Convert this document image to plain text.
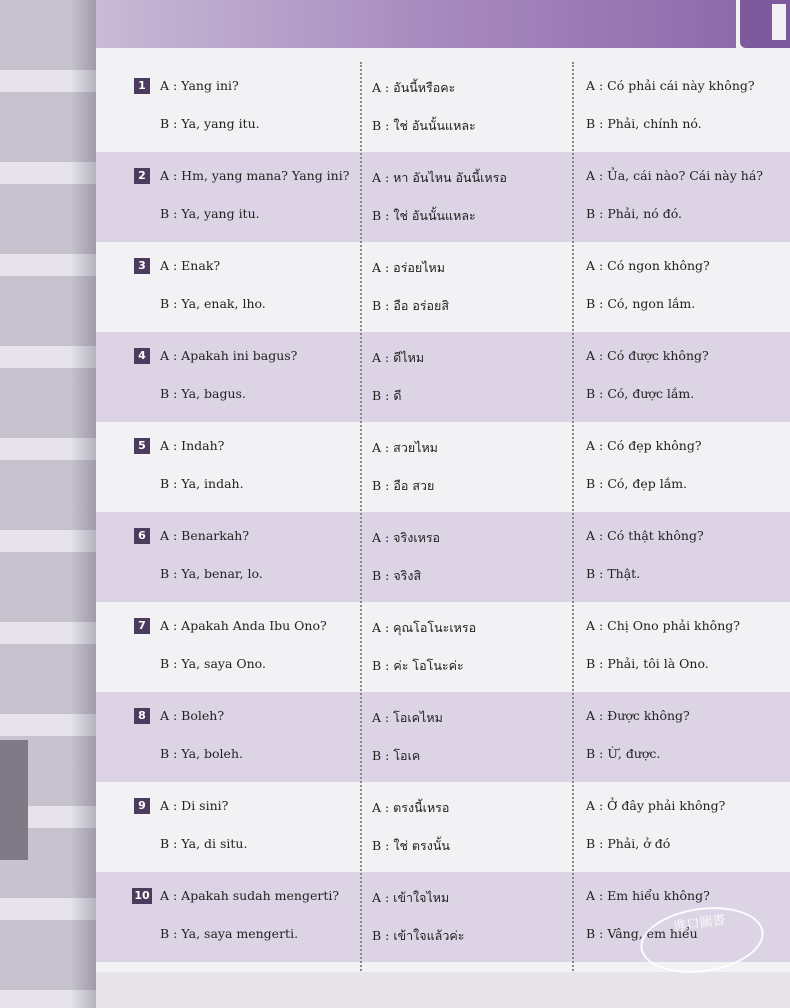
1	A : Yang ini?
B : Ya, yang itu.
A : อันนี้หรือคะ
B : ใช่ อันนั้นแหละ
A : Có phải cái này không?
B : Phải, chính nó.
2	A : Hm, yang mana? Yang ini?
B : Ya, yang itu.
A : หา อันไหน อันนี้เหรอ
B : ใช่ อันนั้นแหละ
A : Ủa, cái nào? Cái này há?
B : Phải, nó đó.
3	A : Enak?
B : Ya, enak, lho.
A : อร่อยไหม
B : อือ อร่อยสิ
A : Có ngon không?
B : Có, ngon lắm.
4	A : Apakah ini bagus?
B : Ya, bagus.
A : ดีไหม
B : ดี
A : Có được không?
B : Có, được lắm.
5	A : Indah?
B : Ya, indah.
A : สวยไหม
B : อือ สวย
A : Có đẹp không?
B : Có, đẹp lắm.
6	A : Benarkah?
B : Ya, benar, lo.
A : จริงเหรอ
B : จริงสิ
A : Có thật không?
B : Thật.
7	A : Apakah Anda Ibu Ono?
B : Ya, saya Ono.
A : คุณโอโนะเหรอ
B : ค่ะ โอโนะค่ะ
A : Chị Ono phải không?
B : Phải, tôi là Ono.
8	A : Boleh?
B : Ya, boleh.
A : โอเคไหม
B : โอเค
A : Được không?
B : Ừ, được.
9	A : Di sini?
B : Ya, di situ.
A : ตรงนี้เหรอ
B : ใช่ ตรงนั้น
A : Ở đây phải không?
B : Phải, ở đó
10 A : Apakah sudah mengerti?
B : Ya, saya mengerti.
A : เข้าใจไหม
B : เข้าใจแล้วค่ะ
A : Em hiểu không?
B : Vâng, em hiểu
進口圖書
